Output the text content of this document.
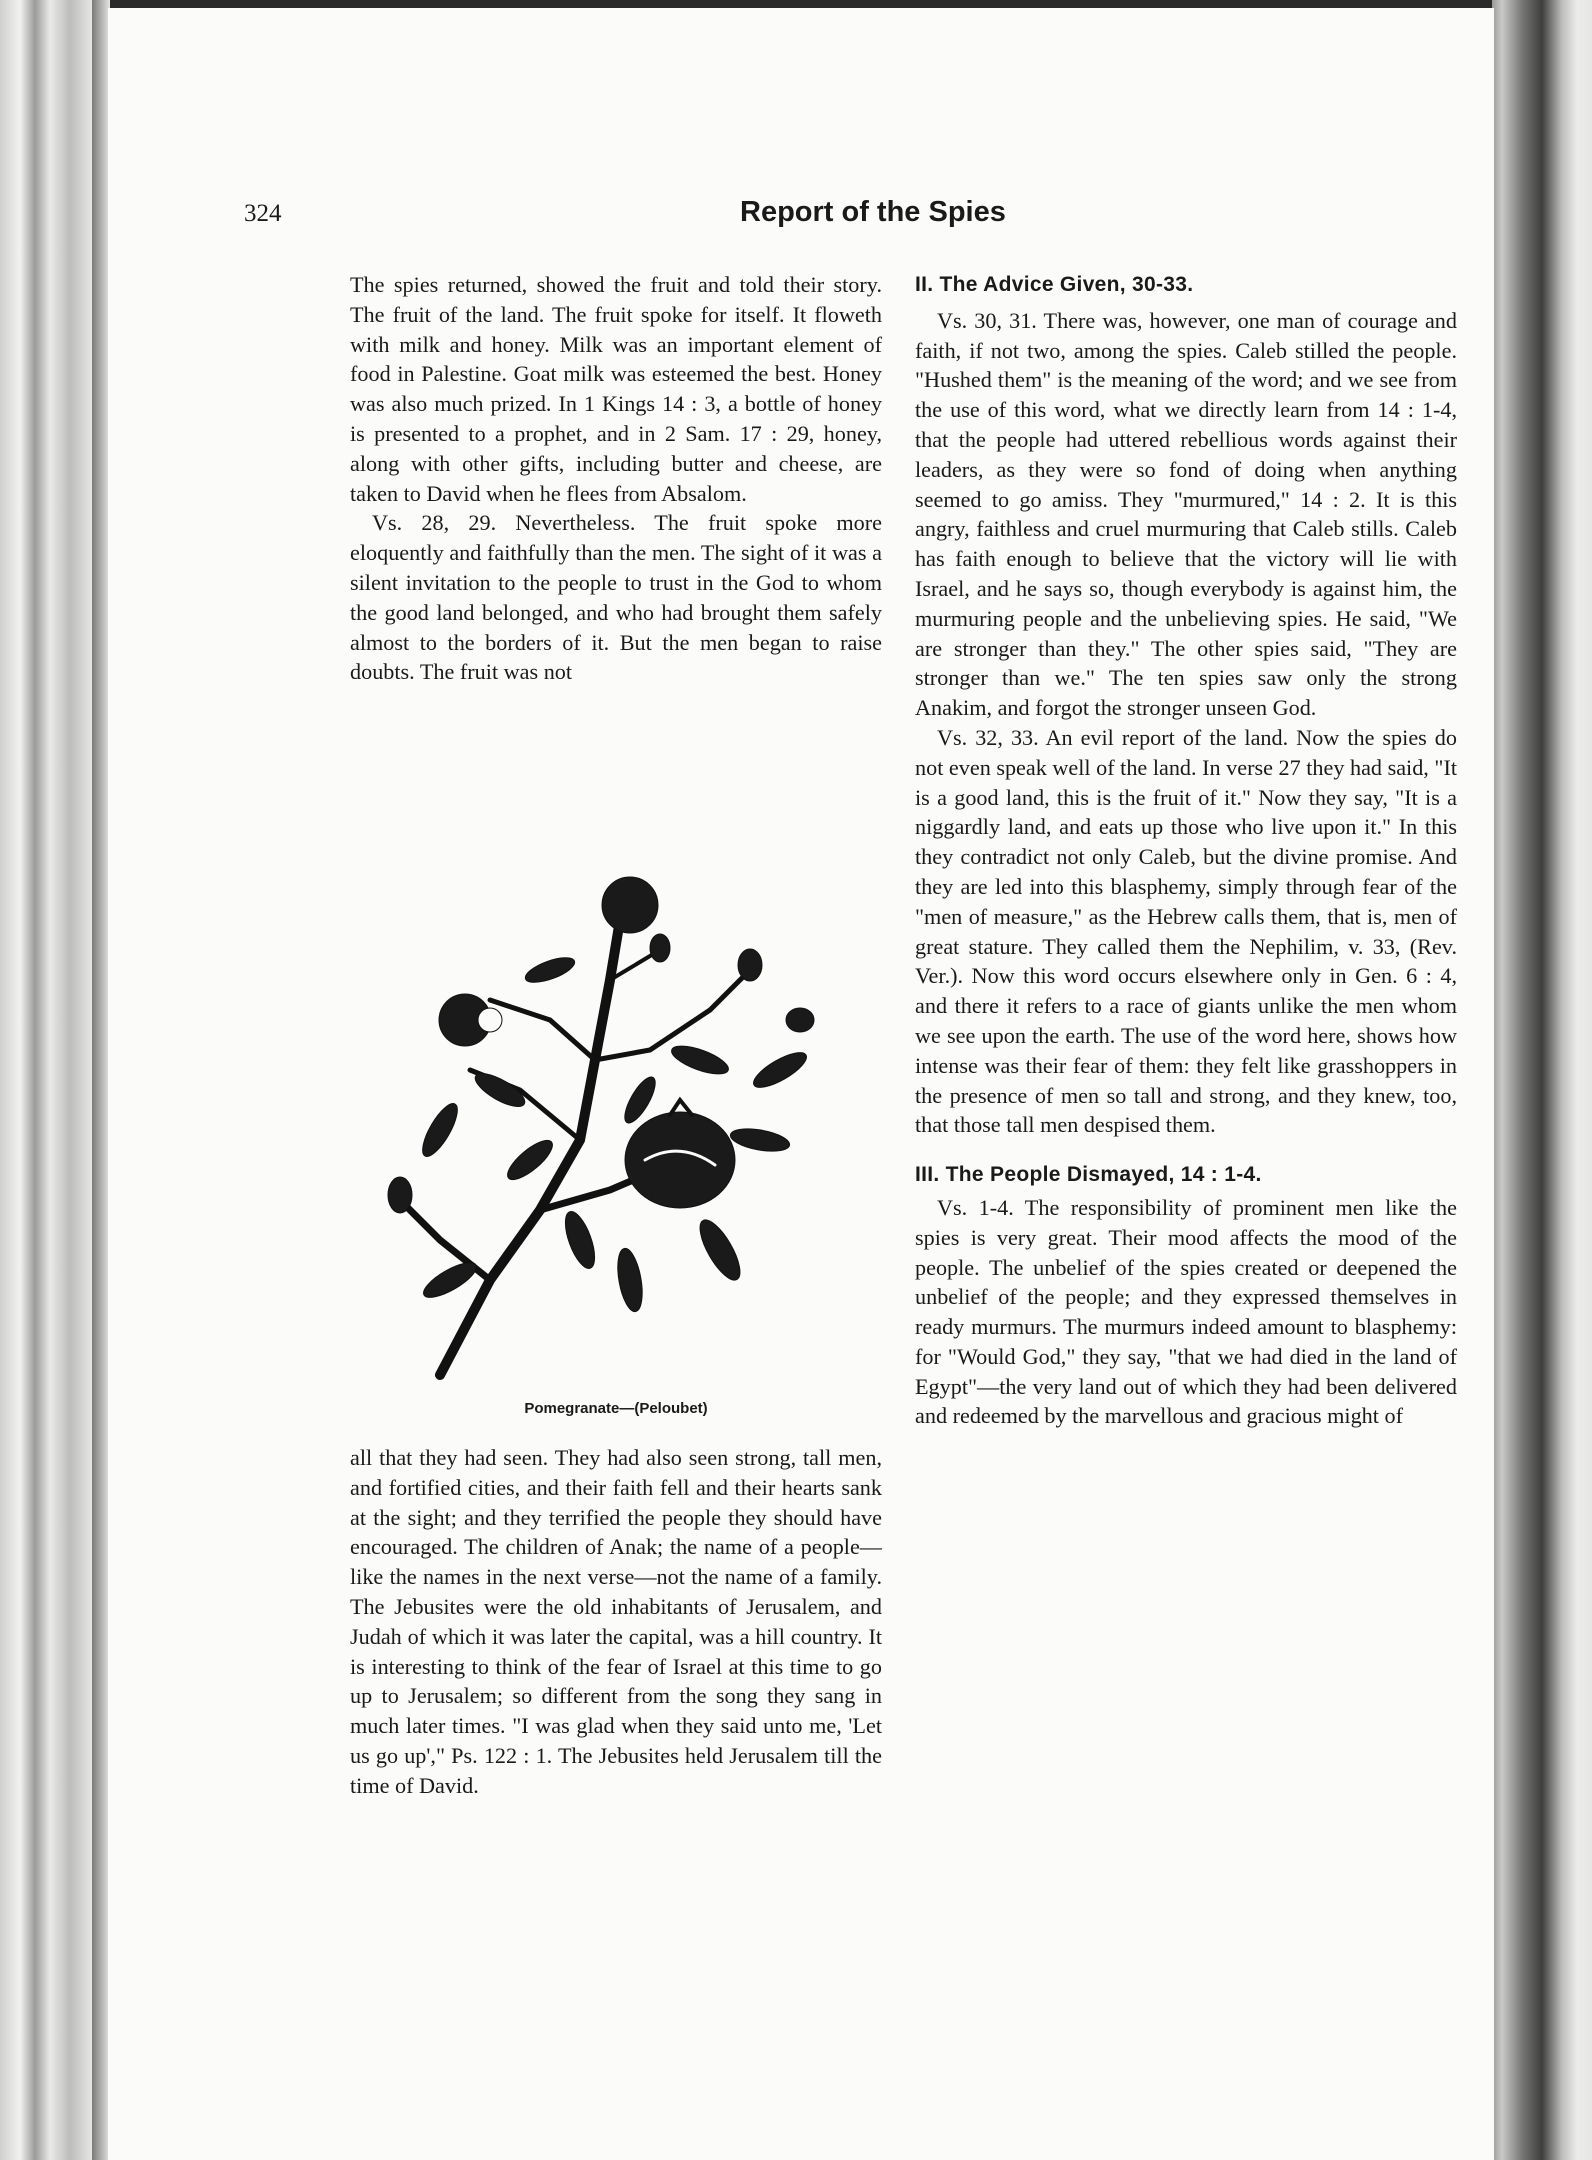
324	Report of the Spies

The spies returned, showed the fruit and told their story. The fruit of the land. The fruit spoke for itself. It floweth with milk and honey. Milk was an important element of food in Palestine. Goat milk was esteemed the best. Honey was also much prized. In 1 Kings 14 : 3, a bottle of honey is presented to a prophet, and in 2 Sam. 17 : 29, honey, along with other gifts, including butter and cheese, are taken to David when he flees from Absalom.

Vs. 28, 29. Nevertheless. The fruit spoke more eloquently and faithfully than the men. The sight of it was a silent invitation to the people to trust in the God to whom the good land belonged, and who had brought them safely almost to the borders of it. But the men began to raise doubts. The fruit was not

Pomegranate—(Peloubet)

all that they had seen. They had also seen strong, tall men, and fortified cities, and their faith fell and their hearts sank at the sight; and they terrified the people they should have encouraged. The children of Anak; the name of a people—like the names in the next verse—not the name of a family. The Jebusites were the old inhabitants of Jerusalem, and Judah of which it was later the capital, was a hill country. It is interesting to think of the fear of Israel at this time to go up to Jerusalem; so different from the song they sang in much later times. "I was glad when they said unto me, 'Let us go up'," Ps. 122 : 1. The Jebusites held Jerusalem till the time of David.

II. The Advice Given, 30-33.

Vs. 30, 31. There was, however, one man of courage and faith, if not two, among the spies. Caleb stilled the people. "Hushed them" is the meaning of the word; and we see from the use of this word, what we directly learn from 14 : 1-4, that the people had uttered rebellious words against their leaders, as they were so fond of doing when anything seemed to go amiss. They "murmured," 14 : 2. It is this angry, faithless and cruel murmuring that Caleb stills. Caleb has faith enough to believe that the victory will lie with Israel, and he says so, though everybody is against him, the murmuring people and the unbelieving spies. He said, "We are stronger than they." The other spies said, "They are stronger than we." The ten spies saw only the strong Anakim, and forgot the stronger unseen God.

Vs. 32, 33. An evil report of the land. Now the spies do not even speak well of the land. In verse 27 they had said, "It is a good land, this is the fruit of it." Now they say, "It is a niggardly land, and eats up those who live upon it." In this they contradict not only Caleb, but the divine promise. And they are led into this blasphemy, simply through fear of the "men of measure," as the Hebrew calls them, that is, men of great stature. They called them the Nephilim, v. 33, (Rev. Ver.). Now this word occurs elsewhere only in Gen. 6 : 4, and there it refers to a race of giants unlike the men whom we see upon the earth. The use of the word here, shows how intense was their fear of them: they felt like grasshoppers in the presence of men so tall and strong, and they knew, too, that those tall men despised them.

III. The People Dismayed, 14 : 1-4.

Vs. 1-4. The responsibility of prominent men like the spies is very great. Their mood affects the mood of the people. The unbelief of the spies created or deepened the unbelief of the people; and they expressed themselves in ready murmurs. The murmurs indeed amount to blasphemy: for "Would God," they say, "that we had died in the land of Egypt"—the very land out of which they had been delivered and redeemed by the marvellous and gracious might of
